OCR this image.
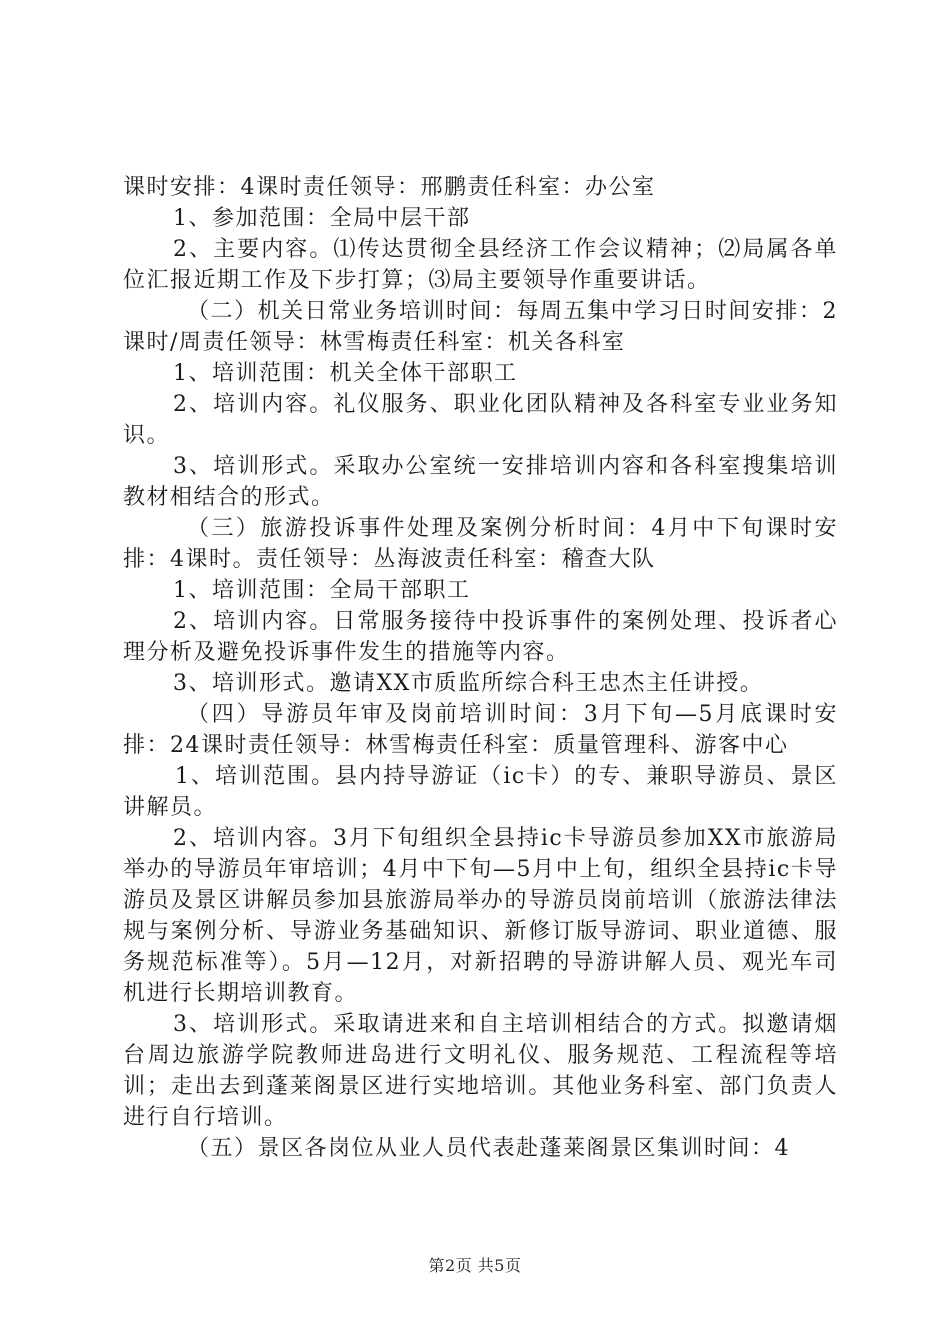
课时安排：4课时责任领导：邢鹏责任科室：办公室

1、参加范围：全局中层干部

2、主要内容。⑴传达贯彻全县经济工作会议精神；⑵局属各单位汇报近期工作及下步打算；⑶局主要领导作重要讲话。

（二）机关日常业务培训时间：每周五集中学习日时间安排：2课时/周责任领导：林雪梅责任科室：机关各科室

1、培训范围：机关全体干部职工

2、培训内容。礼仪服务、职业化团队精神及各科室专业业务知识。

3、培训形式。采取办公室统一安排培训内容和各科室搜集培训教材相结合的形式。

（三）旅游投诉事件处理及案例分析时间：4月中下旬课时安排：4课时。责任领导：丛海波责任科室：稽查大队

1、培训范围：全局干部职工

2、培训内容。日常服务接待中投诉事件的案例处理、投诉者心理分析及避免投诉事件发生的措施等内容。

3、培训形式。邀请XX市质监所综合科王忠杰主任讲授。

（四）导游员年审及岗前培训时间：3月下旬—5月底课时安排：24课时责任领导：林雪梅责任科室：质量管理科、游客中心

1、培训范围。县内持导游证（ic卡）的专、兼职导游员、景区讲解员。

2、培训内容。3月下旬组织全县持ic卡导游员参加XX市旅游局举办的导游员年审培训；4月中下旬—5月中上旬，组织全县持ic卡导游员及景区讲解员参加县旅游局举办的导游员岗前培训（旅游法律法规与案例分析、导游业务基础知识、新修订版导游词、职业道德、服务规范标准等）。5月—12月，对新招聘的导游讲解人员、观光车司机进行长期培训教育。

3、培训形式。采取请进来和自主培训相结合的方式。拟邀请烟台周边旅游学院教师进岛进行文明礼仪、服务规范、工程流程等培训；走出去到蓬莱阁景区进行实地培训。其他业务科室、部门负责人进行自行培训。

（五）景区各岗位从业人员代表赴蓬莱阁景区集训时间：4

第2页 共5页
